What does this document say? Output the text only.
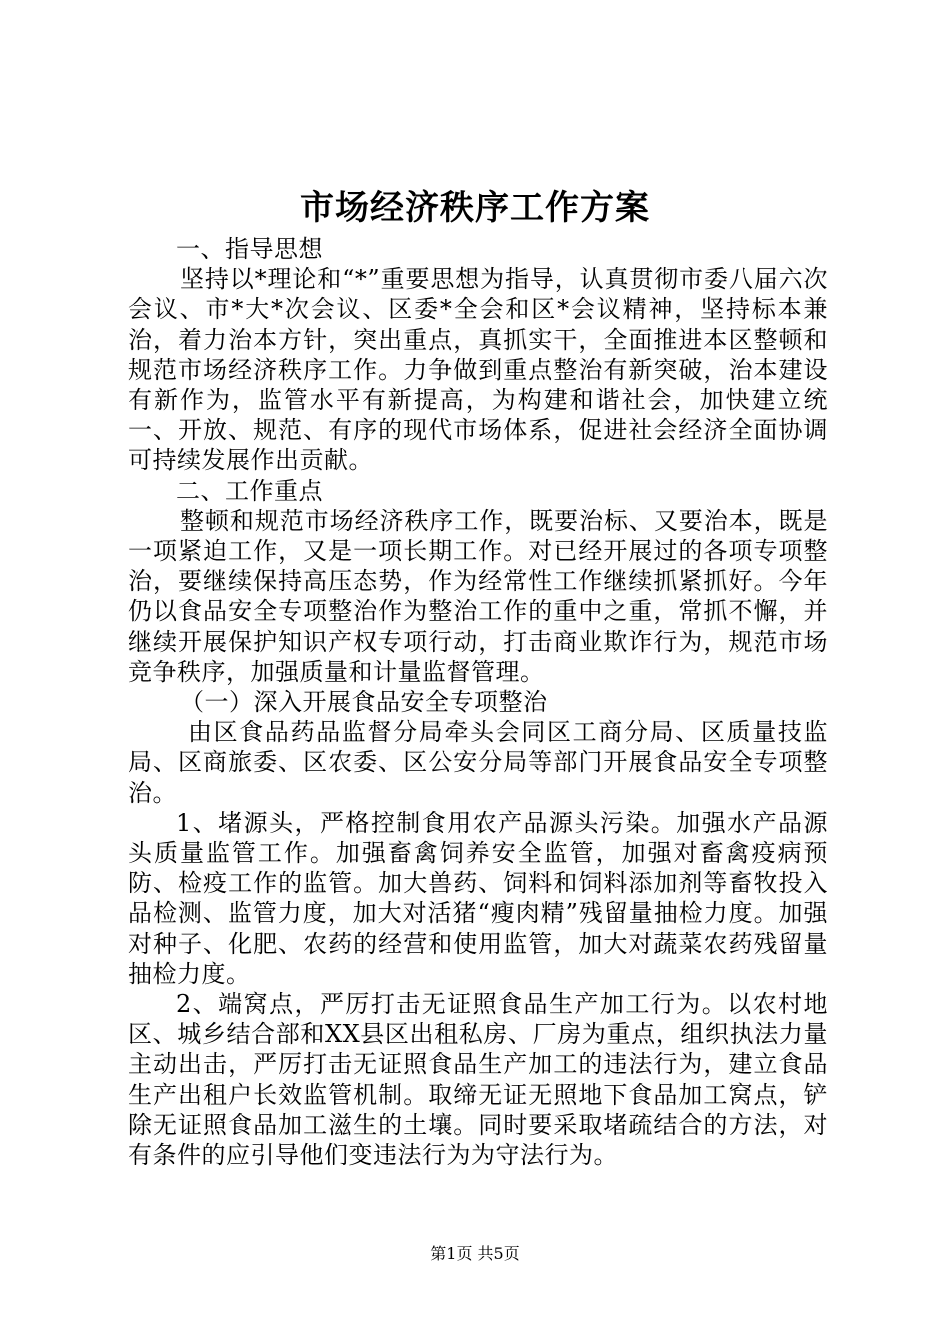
市场经济秩序工作方案

一、指导思想

坚持以*理论和“*”重要思想为指导，认真贯彻市委八届六次会议、市*大*次会议、区委*全会和区*会议精神，坚持标本兼治，着力治本方针，突出重点，真抓实干，全面推进本区整顿和规范市场经济秩序工作。力争做到重点整治有新突破，治本建设有新作为，监管水平有新提高，为构建和谐社会，加快建立统一、开放、规范、有序的现代市场体系，促进社会经济全面协调可持续发展作出贡献。

二、工作重点

整顿和规范市场经济秩序工作，既要治标、又要治本，既是一项紧迫工作，又是一项长期工作。对已经开展过的各项专项整治，要继续保持高压态势，作为经常性工作继续抓紧抓好。今年仍以食品安全专项整治作为整治工作的重中之重，常抓不懈，并继续开展保护知识产权专项行动，打击商业欺诈行为，规范市场竞争秩序，加强质量和计量监督管理。

（一）深入开展食品安全专项整治

由区食品药品监督分局牵头会同区工商分局、区质量技监局、区商旅委、区农委、区公安分局等部门开展食品安全专项整治。

1、堵源头，严格控制食用农产品源头污染。加强水产品源头质量监管工作。加强畜禽饲养安全监管，加强对畜禽疫病预防、检疫工作的监管。加大兽药、饲料和饲料添加剂等畜牧投入品检测、监管力度，加大对活猪“瘦肉精”残留量抽检力度。加强对种子、化肥、农药的经营和使用监管，加大对蔬菜农药残留量抽检力度。

2、端窝点，严厉打击无证照食品生产加工行为。以农村地区、城乡结合部和XX县区出租私房、厂房为重点，组织执法力量主动出击，严厉打击无证照食品生产加工的违法行为，建立食品生产出租户长效监管机制。取缔无证无照地下食品加工窝点，铲除无证照食品加工滋生的土壤。同时要采取堵疏结合的方法，对有条件的应引导他们变违法行为为守法行为。

第1页 共5页
